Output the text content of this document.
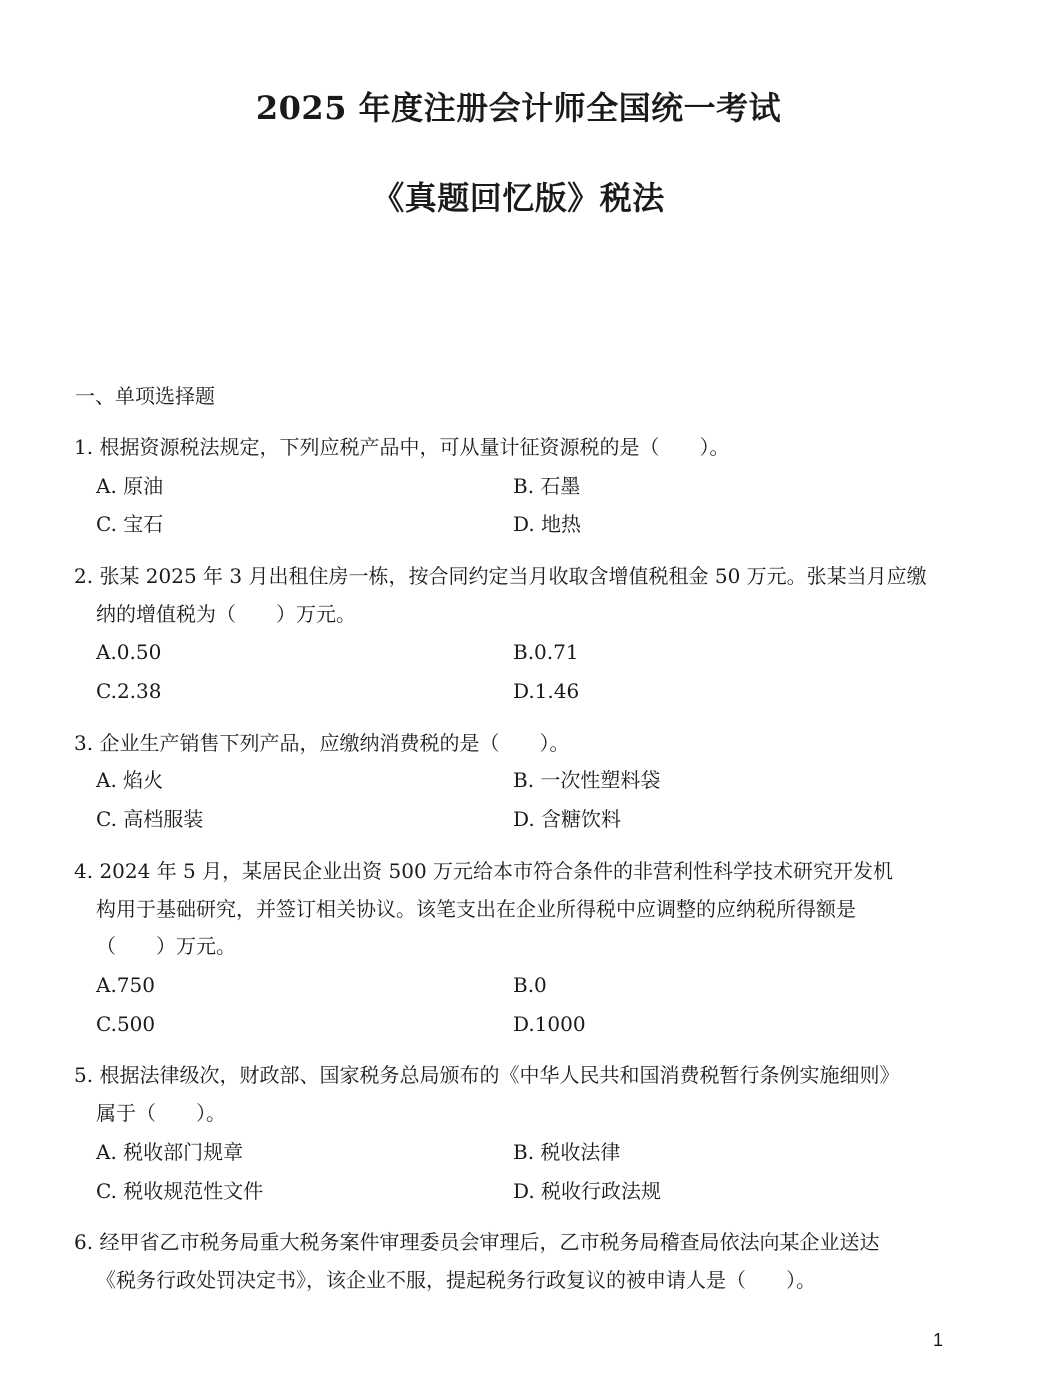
2025 年度注册会计师全国统一考试
《真题回忆版》税法
一、单项选择题
1. 根据资源税法规定，下列应税产品中，可从量计征资源税的是（　　）。
A. 原油	B. 石墨
C. 宝石	D. 地热
2. 张某 2025 年 3 月出租住房一栋，按合同约定当月收取含增值税租金 50 万元。张某当月应缴
纳的增值税为（　　）万元。
A.0.50	B.0.71
C.2.38	D.1.46
3. 企业生产销售下列产品，应缴纳消费税的是（　　）。
A. 焰火	B. 一次性塑料袋
C. 高档服装	D. 含糖饮料
4. 2024 年 5 月，某居民企业出资 500 万元给本市符合条件的非营利性科学技术研究开发机
构用于基础研究，并签订相关协议。该笔支出在企业所得税中应调整的应纳税所得额是
（　　）万元。
A.750	B.0
C.500	D.1000
5. 根据法律级次，财政部、国家税务总局颁布的《中华人民共和国消费税暂行条例实施细则》
属于（　　）。
A. 税收部门规章	B. 税收法律
C. 税收规范性文件	D. 税收行政法规
6. 经甲省乙市税务局重大税务案件审理委员会审理后，乙市税务局稽查局依法向某企业送达
《税务行政处罚决定书》，该企业不服，提起税务行政复议的被申请人是（　　）。
1
